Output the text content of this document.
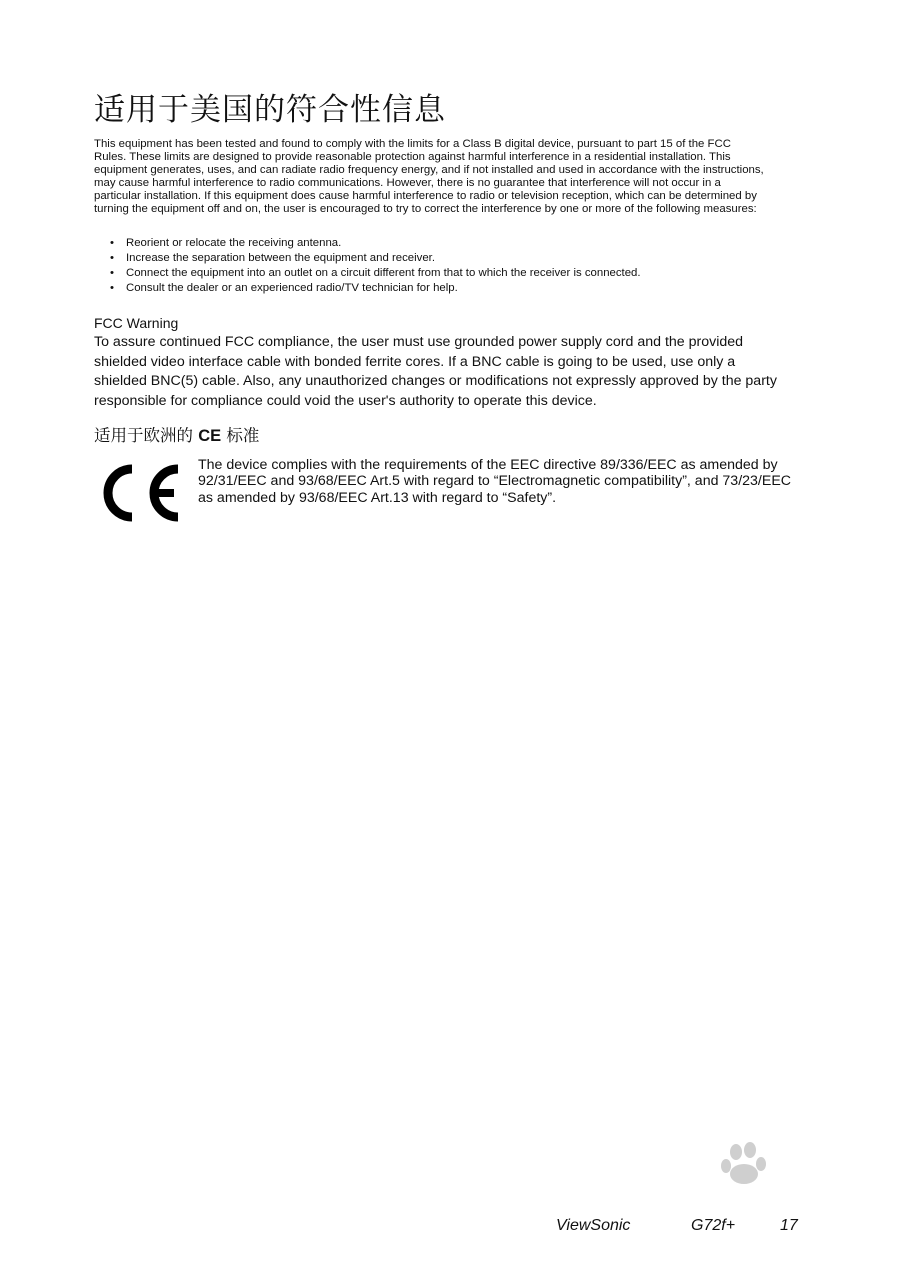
适用于美国的符合性信息

This equipment has been tested and found to comply with the limits for a Class B digital device, pursuant to part 15 of the FCC Rules. These limits are designed to provide reasonable protection against harmful interference in a residential installation. This equipment generates, uses, and can radiate radio frequency energy, and if not installed and used in accordance with the instructions, may cause harmful interference to radio communications. However, there is no guarantee that interference will not occur in a particular installation. If this equipment does cause harmful interference to radio or television reception, which can be determined by turning the equipment off and on, the user is encouraged to try to correct the interference by one or more of the following measures:

• Reorient or relocate the receiving antenna.
• Increase the separation between the equipment and receiver.
• Connect the equipment into an outlet on a circuit different from that to which the receiver is connected.
• Consult the dealer or an experienced radio/TV technician for help.

FCC Warning

To assure continued FCC compliance, the user must use grounded power supply cord and the provided shielded video interface cable with bonded ferrite cores. If a BNC cable is going to be used, use only a shielded BNC(5) cable. Also, any unauthorized changes or modifications not expressly approved by the party responsible for compliance could void the user's authority to operate this device.

适用于欧洲的 CE 标准

The device complies with the requirements of the EEC directive 89/336/EEC as amended by 92/31/EEC and 93/68/EEC Art.5 with regard to “Electromagnetic compatibility”, and 73/23/EEC as amended by 93/68/EEC Art.13 with regard to “Safety”.

ViewSonic	G72f+	17
